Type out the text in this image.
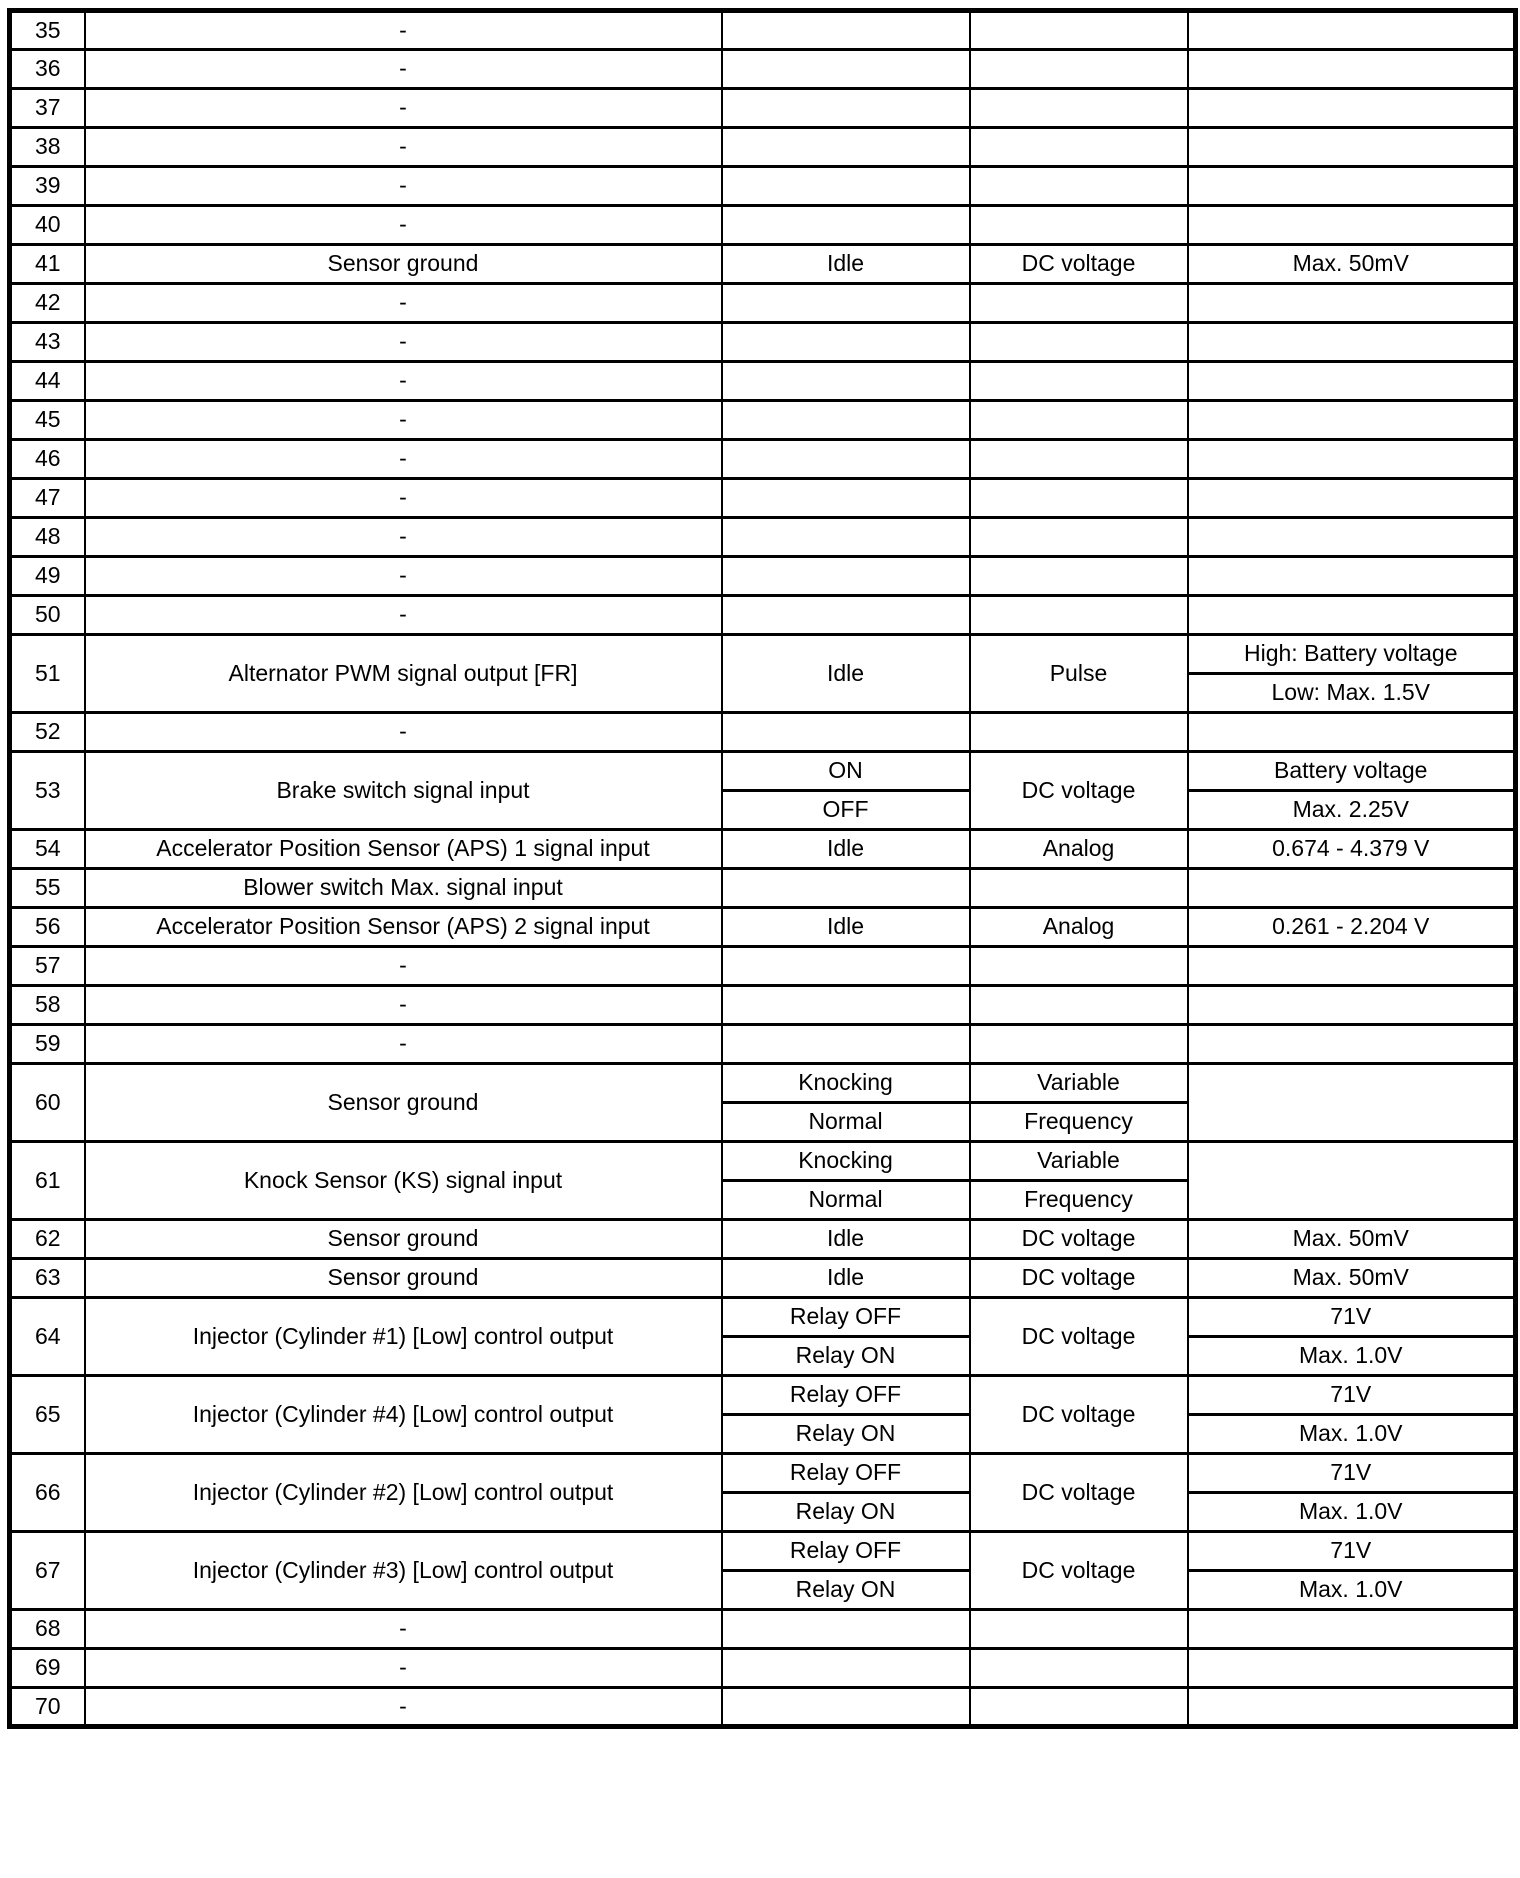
35	-			
36	-			
37	-			
38	-			
39	-			
40	-			
41	Sensor ground	Idle	DC voltage	Max. 50mV
42	-			
43	-			
44	-			
45	-			
46	-			
47	-			
48	-			
49	-			
50	-			
51	Alternator PWM signal output [FR]	Idle	Pulse	High: Battery voltage
				Low: Max. 1.5V
52	-			
53	Brake switch signal input	ON	DC voltage	Battery voltage
		OFF		Max. 2.25V
54	Accelerator Position Sensor (APS) 1 signal input	Idle	Analog	0.674 - 4.379 V
55	Blower switch Max. signal input			
56	Accelerator Position Sensor (APS) 2 signal input	Idle	Analog	0.261 - 2.204 V
57	-			
58	-			
59	-			
60	Sensor ground	Knocking	Variable	
		Normal	Frequency	
61	Knock Sensor (KS) signal input	Knocking	Variable	
		Normal	Frequency	
62	Sensor ground	Idle	DC voltage	Max. 50mV
63	Sensor ground	Idle	DC voltage	Max. 50mV
64	Injector (Cylinder #1) [Low] control output	Relay OFF	DC voltage	71V
		Relay ON		Max. 1.0V
65	Injector (Cylinder #4) [Low] control output	Relay OFF	DC voltage	71V
		Relay ON		Max. 1.0V
66	Injector (Cylinder #2) [Low] control output	Relay OFF	DC voltage	71V
		Relay ON		Max. 1.0V
67	Injector (Cylinder #3) [Low] control output	Relay OFF	DC voltage	71V
		Relay ON		Max. 1.0V
68	-			
69	-			
70	-			
